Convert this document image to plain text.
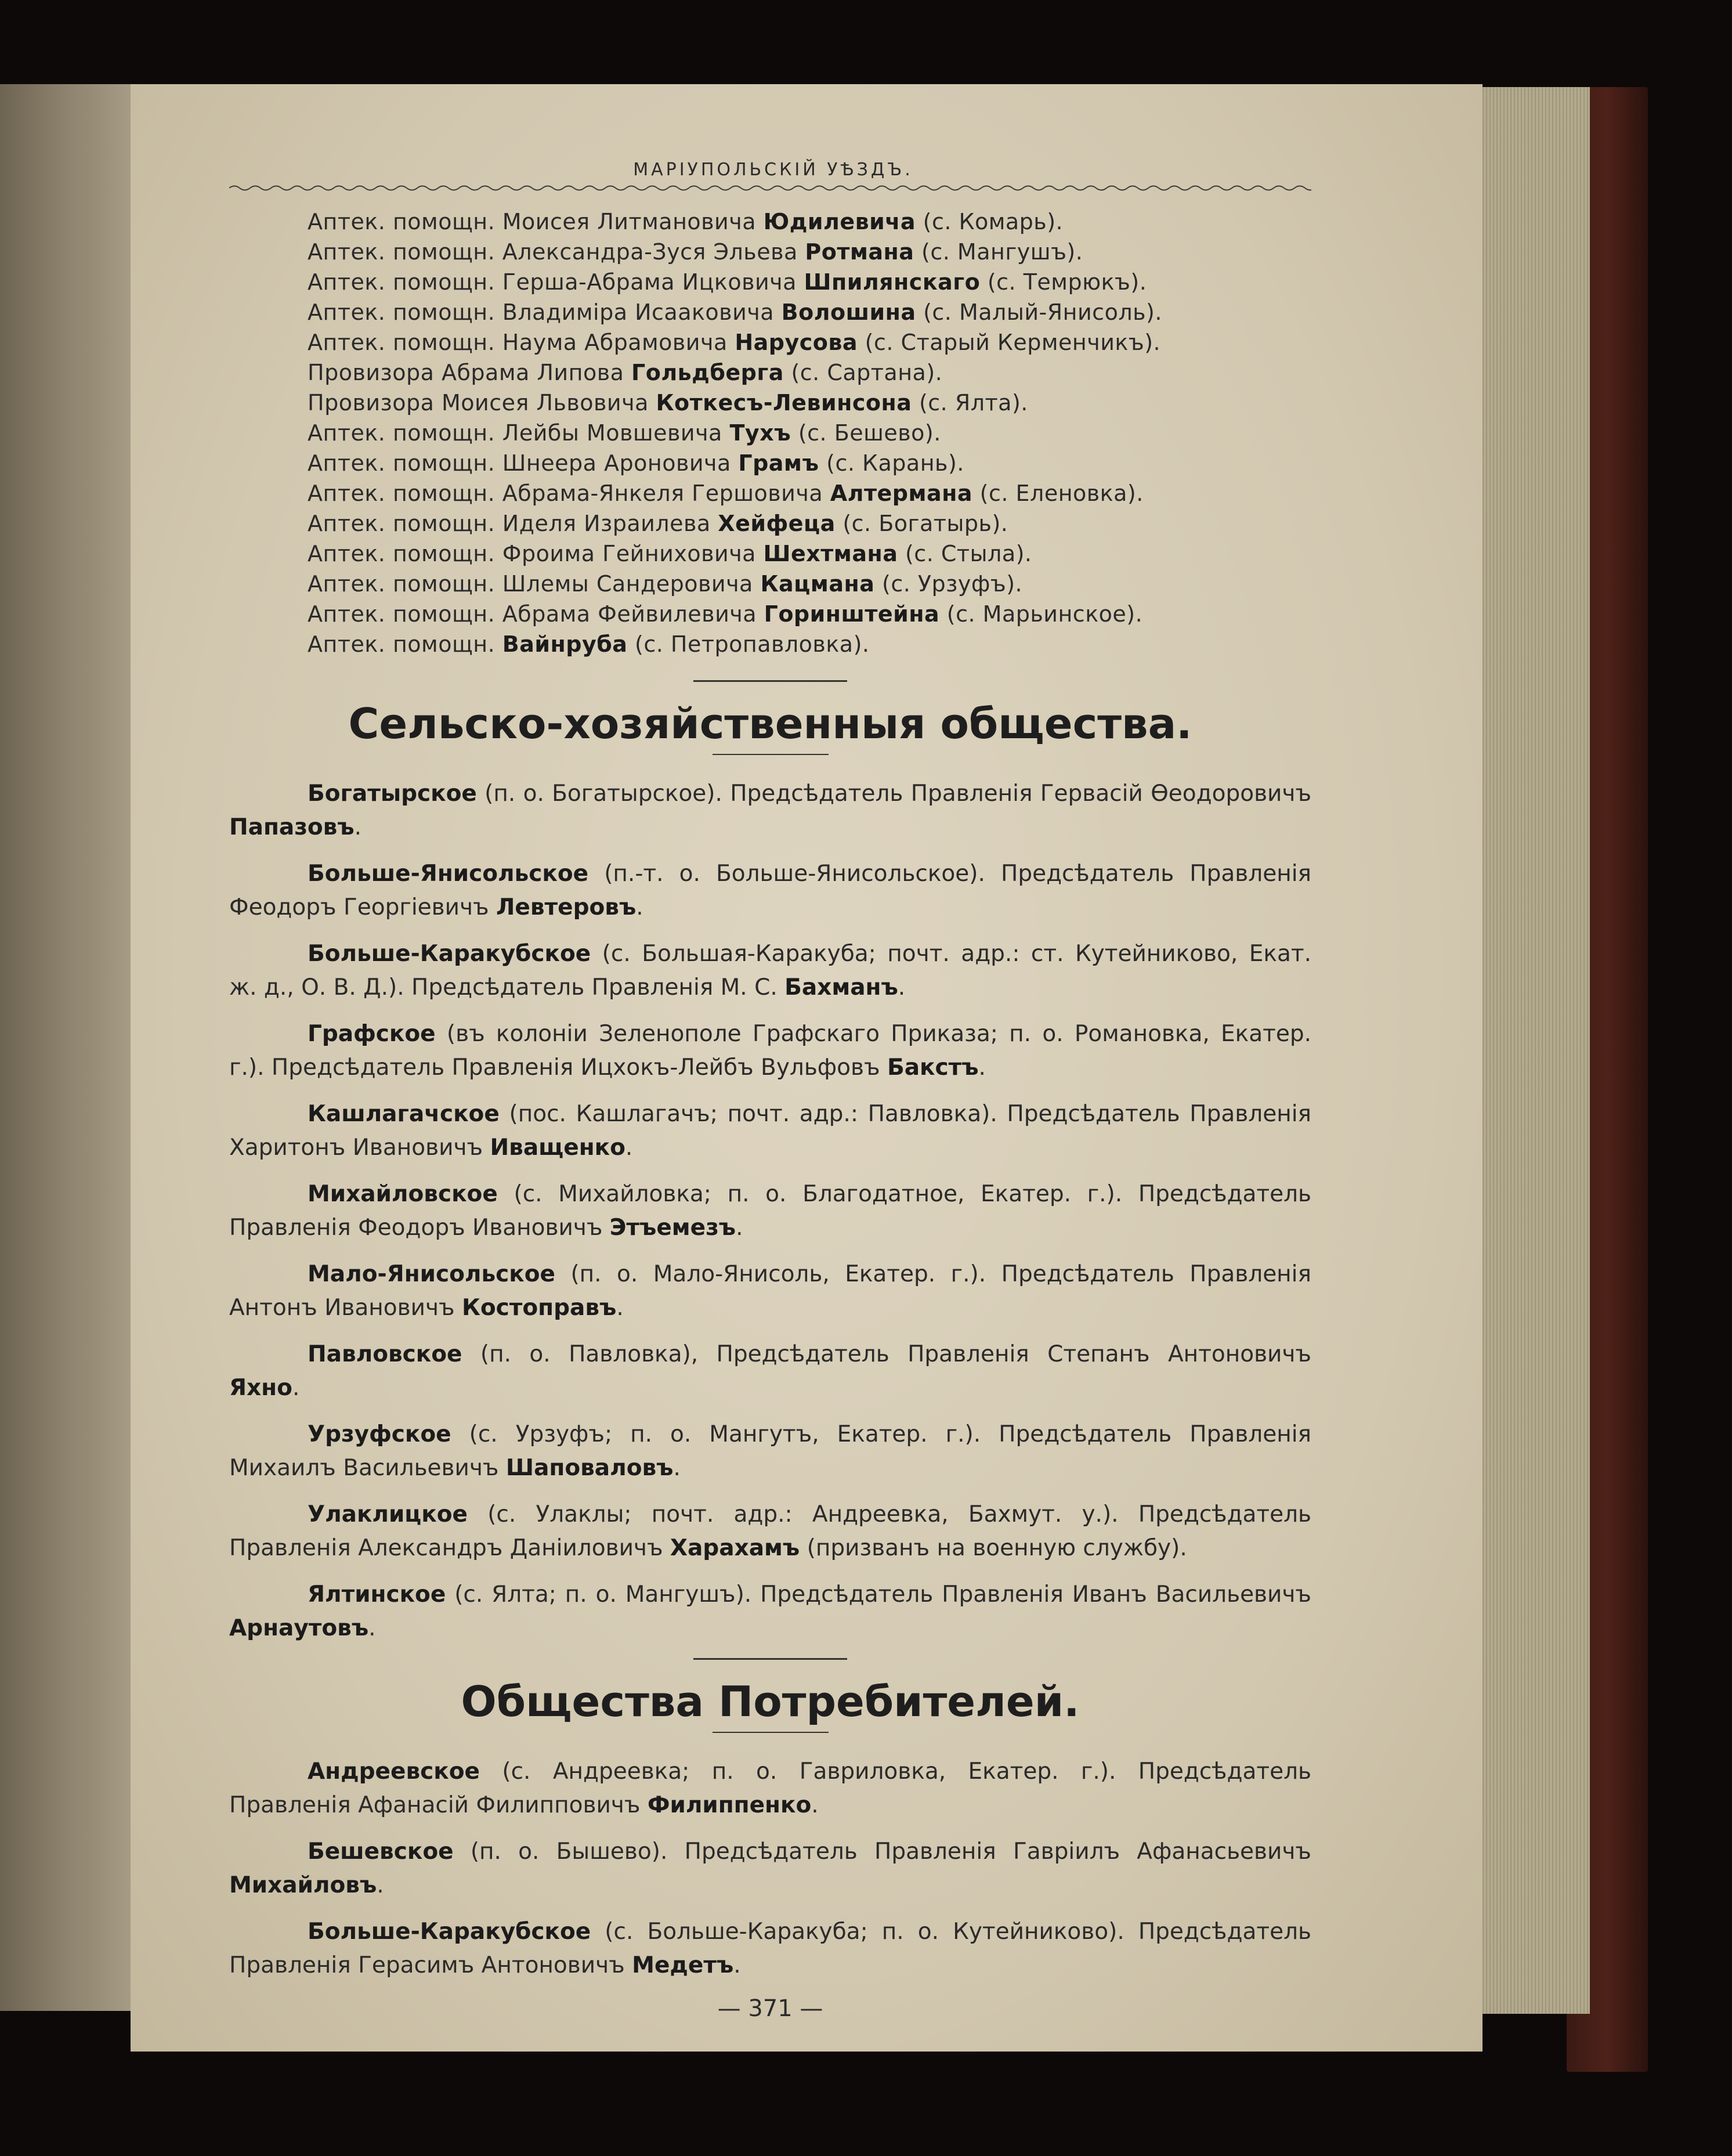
МАРІУПОЛЬСКІЙ УѢЗДЪ.

Аптек. помощн. Моисея Литмановича Юдилевича (с. Комарь).
Аптек. помощн. Александра-Зуся Эльева Ротмана (с. Мангушъ).
Аптек. помощн. Герша-Абрама Ицковича Шпилянскаго (с. Темрюкъ).
Аптек. помощн. Владиміра Исааковича Волошина (с. Малый-Янисоль).
Аптек. помощн. Наума Абрамовича Нарусова (с. Старый Керменчикъ).
Провизора Абрама Липова Гольдберга (с. Сартана).
Провизора Моисея Львовича Коткесъ-Левинсона (с. Ялта).
Аптек. помощн. Лейбы Мовшевича Тухъ (с. Бешево).
Аптек. помощн. Шнеера Ароновича Грамъ (с. Карань).
Аптек. помощн. Абрама-Янкеля Гершовича Алтермана (с. Еленовка).
Аптек. помощн. Иделя Израилева Хейфеца (с. Богатырь).
Аптек. помощн. Фроима Гейниховича Шехтмана (с. Стыла).
Аптек. помощн. Шлемы Сандеровича Кацмана (с. Урзуфъ).
Аптек. помощн. Абрама Фейвилевича Горинштейна (с. Марьинское).
Аптек. помощн. Вайнруба (с. Петропавловка).
Сельско-хозяйственныя общества.

Богатырское (п. о. Богатырское). Предсѣдатель Правленія Гервасій Ѳеодоровичъ Папазовъ.

Больше-Янисольское (п.-т. о. Больше-Янисольское). Предсѣдатель Правленія Феодоръ Георгіевичъ Левтеровъ.

Больше-Каракубское (с. Большая-Каракуба; почт. адр.: ст. Кутейниково, Екат. ж. д., О. В. Д.). Предсѣдатель Правленія М. С. Бахманъ.

Графское (въ колоніи Зеленополе Графскаго Приказа; п. о. Романовка, Екатер. г.). Предсѣдатель Правленія Ицхокъ-Лейбъ Вульфовъ Бакстъ.

Кашлагачское (пос. Кашлагачъ; почт. адр.: Павловка). Предсѣдатель Правленія Харитонъ Ивановичъ Иващенко.

Михайловское (с. Михайловка; п. о. Благодатное, Екатер. г.). Предсѣдатель Правленія Феодоръ Ивановичъ Этъемезъ.

Мало-Янисольское (п. о. Мало-Янисоль, Екатер. г.). Предсѣдатель Правленія Антонъ Ивановичъ Костоправъ.

Павловское (п. о. Павловка), Предсѣдатель Правленія Степанъ Антоновичъ Яхно.

Урзуфское (с. Урзуфъ; п. о. Мангутъ, Екатер. г.). Предсѣдатель Правленія Михаилъ Васильевичъ Шаповаловъ.

Улаклицкое (с. Улаклы; почт. адр.: Андреевка, Бахмут. у.). Предсѣдатель Правленія Александръ Даніиловичъ Харахамъ (призванъ на военную службу).

Ялтинское (с. Ялта; п. о. Мангушъ). Предсѣдатель Правленія Иванъ Васильевичъ Арнаутовъ.

Общества Потребителей.

Андреевское (с. Андреевка; п. о. Гавриловка, Екатер. г.). Предсѣдатель Правленія Афанасій Филипповичъ Филиппенко.

Бешевское (п. о. Бышево). Предсѣдатель Правленія Гавріилъ Афанасьевичъ Михайловъ.

Больше-Каракубское (с. Больше-Каракуба; п. о. Кутейниково). Предсѣдатель Правленія Герасимъ Антоновичъ Медетъ.

— 371 —
